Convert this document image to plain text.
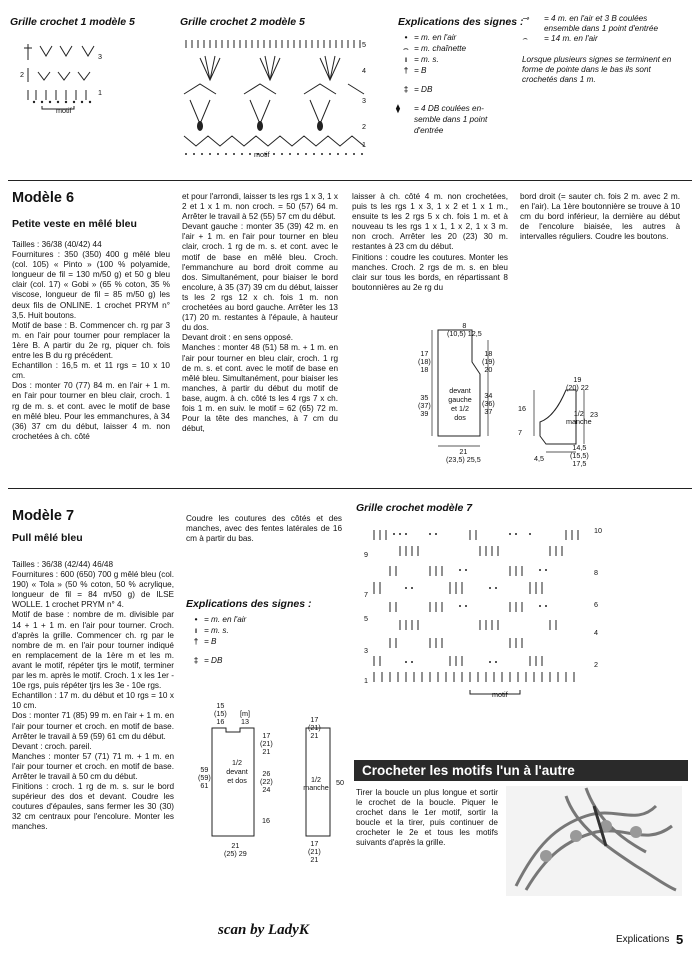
Grille crochet 1 modèle 5
3
2
1
motif
Grille crochet 2 modèle 5
5
4
3
2
1
motif
Explications des signes :
• = m. en l'air
⌢ = m. chaînette
ı = m. s.
† = B
‡ = DB
⧫ = 4 DB coulées en-semble dans 1 point d'entrée
⊸ = 4 m. en l'air et 3 B coulées ensemble dans 1 point d'entrée
⌢ = 14 m. en l'air
Lorsque plusieurs signes se terminent en forme de pointe dans le bas ils sont crochetés dans 1 m.
Modèle 6
Petite veste en mêlé bleu
Tailles : 36/38 (40/42) 44
Fournitures : 350 (350) 400 g mêlé bleu (col. 105) « Pinto » (100 % polyamide, longueur de fil = 130 m/50 g) et 50 g bleu clair (col. 17) « Gobi » (65 % coton, 35 % viscose, longueur de fil = 85 m/50 g) les deux fils de ONLINE. 1 crochet PRYM n° 3,5. Huit boutons.
Motif de base : B. Commencer ch. rg par 3 m. en l'air pour tourner pour remplacer la 1ère B. A partir du 2e rg, piquer ch. fois entre les B du rg précédent.
Echantillon : 16,5 m. et 11 rgs = 10 x 10 cm.
Dos : monter 70 (77) 84 m. en l'air + 1 m. en l'air pour tourner en bleu clair, croch. 1 rg de m. s. et cont. avec le motif de base en mêlé bleu. Pour les emmanchures, à 34 (36) 37 cm du début, laisser 4 m. non crochetées à ch. côté
et pour l'arrondi, laisser ts les rgs 1 x 3, 1 x 2 et 1 x 1 m. non croch. = 50 (57) 64 m. Arrêter le travail à 52 (55) 57 cm du début.
Devant gauche : monter 35 (39) 42 m. en l'air + 1 m. en l'air pour tourner en bleu clair, croch. 1 rg de m. s. et cont. avec le motif de base en mêlé bleu. Croch. l'emmanchure au bord droit comme au dos. Simultanément, pour biaiser le bord encolure, à 35 (37) 39 cm du début, laisser ts les 2 rgs 12 x ch. fois 1 m. non crochetées au bord gauche. Arrêter les 13 (17) 20 m. restantes à l'épaule, à hauteur du dos.
Devant droit : en sens opposé.
Manches : monter 48 (51) 58 m. + 1 m. en l'air pour tourner en bleu clair, croch. 1 rg de m. s. et cont. avec le motif de base en mêlé bleu. Simultanément, pour biaiser les manches, à partir du début du motif de base, augm. à ch. côté ts les 4 rgs 7 x ch. fois 1 m. en suiv. le motif = 62 (65) 72 m. Pour la tête des manches, à 7 cm du début,
laisser à ch. côté 4 m. non crochetées, puis ts les rgs 1 x 3, 1 x 2 et 1 x 1 m., ensuite ts les 2 rgs 5 x ch. fois 1 m. et à nouveau ts les rgs 1 x 1, 1 x 2, 1 x 3 m. non croch. Arrêter les 20 (23) 30 m. restantes à 23 cm du début.
Finitions : coudre les coutures. Monter les manches. Croch. 2 rgs de m. s. en bleu clair sur tous les bords, en répartissant 8 boutonnières au 2e rg du
bord droit (= sauter ch. fois 2 m. avec 2 m. en l'air). La 1ère boutonnière se trouve à 10 cm du bord inférieur, la dernière au début de l'encolure biaisée, les autres à intervalles réguliers. Coudre les boutons.
8
(10,5) 12,5
17
(18)
18
35
(37)
39
18
(19)
20
34
(36)
37
devant
gauche
et 1/2
dos
21
(23,5) 25,5
19
(20) 22
16
7
23
1/2
manche
14,5
(15,5)
17,5
4,5
Modèle 7
Pull mêlé bleu
Tailles : 36/38 (42/44) 46/48
Fournitures : 600 (650) 700 g mêlé bleu (col. 190) « Tola » (50 % coton, 50 % acrylique, longueur de fil = 84 m/50 g) de ILSE WOLLE. 1 crochet PRYM n° 4.
Motif de base : nombre de m. divisible par 14 + 1 + 1 m. en l'air pour tourner. Croch. d'après la grille. Commencer ch. rg par le nombre de m. en l'air pour tourner indiqué en remplacement de la 1ère m et les m. avant le motif, répéter tjrs le motif, terminer par les m. après le motif. Croch. 1 x les 1er - 10e rgs, puis répéter tjrs les 3e - 10e rgs.
Echantillon : 17 m. du début et 10 rgs = 10 x 10 cm.
Dos : monter 71 (85) 99 m. en l'air + 1 m. en l'air pour tourner et croch. en motif de base. Arrêter le travail à 59 (59) 61 cm du début.
Devant : croch. pareil.
Manches : monter 57 (71) 71 m. + 1 m. en l'air pour tourner et croch. en motif de base. Arrêter le travail à 50 cm du début.
Finitions : croch. 1 rg de m. s. sur le bord supérieur des dos et devant. Coudre les coutures d'épaules, sans fermer les 30 (30) 32 cm centraux pour l'encolure. Monter les manches.
Coudre les coutures des côtés et des manches, avec des fentes latérales de 16 cm à partir du bas.
Explications des signes :
• = m. en l'air
ı = m. s.
† = B
‡ = DB
15
(15)
16
[m]
13
59
(59)
61
17
(21)
21
26
(22)
24
16
1/2
devant
et dos
21
(25) 29
17
(21)
21
50
1/2
manche
17
(21)
21
Grille crochet modèle 7
10
9
8
7
6
5
4
3
2
1
motif
Crocheter les motifs l'un à l'autre
Tirer la boucle un plus longue et sortir le crochet de la boucle. Piquer le crochet dans le 1er motif, sortir la boucle et la tirer, puis continuer de crocheter le 2e et tous les motifs suivants d'après la grille.
scan by LadyK
Explications 5
